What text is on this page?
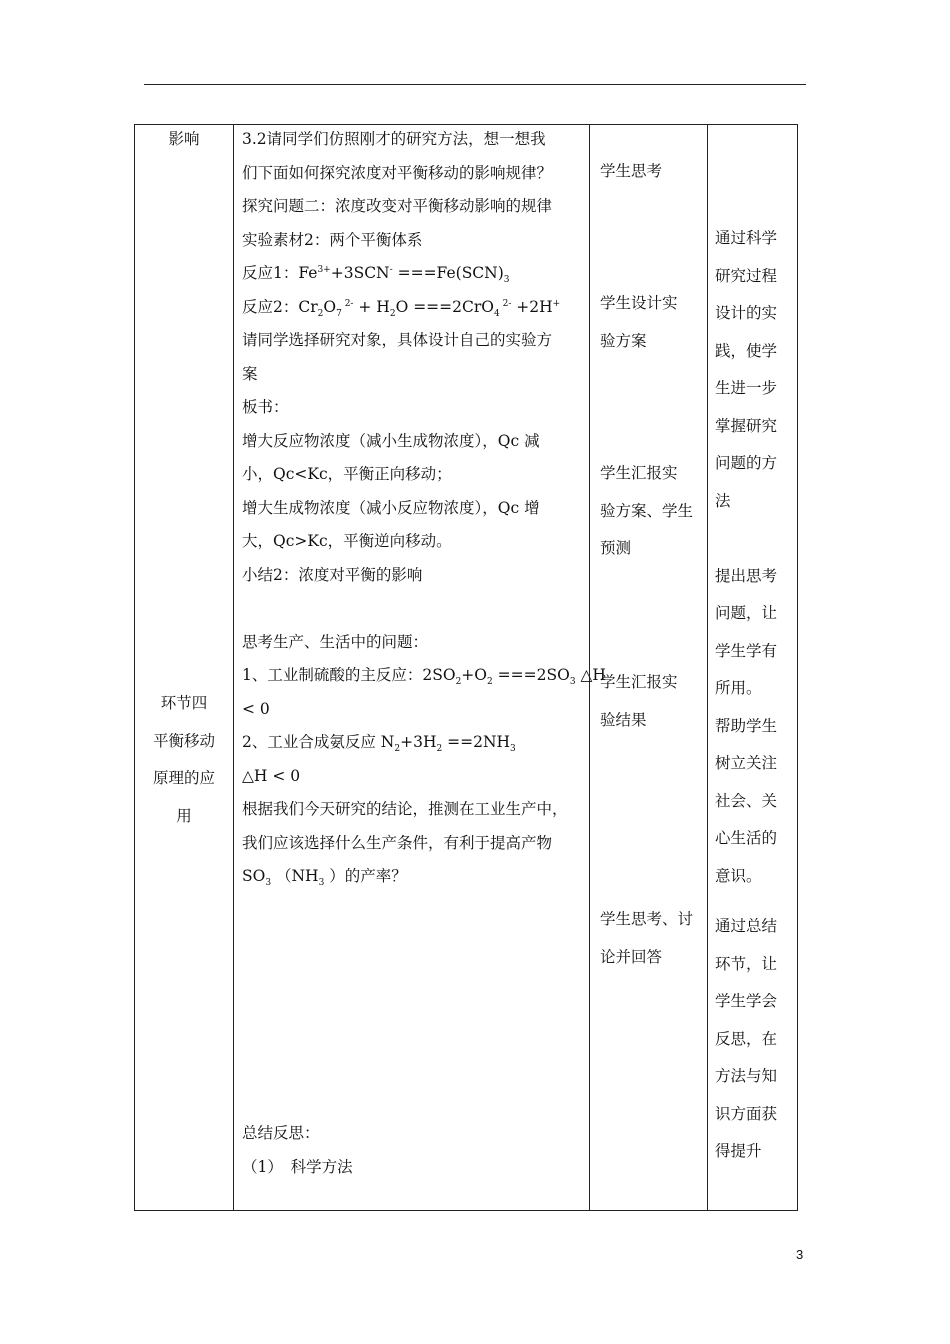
影响
环节四
平衡移动
原理的应
用
3.2请同学们仿照刚才的研究方法，想一想我
们下面如何探究浓度对平衡移动的影响规律？
探究问题二：浓度改变对平衡移动影响的规律
实验素材2：两个平衡体系
反应1：$Fe^{3+}+3SCN^- ===Fe(SCN)_3$
反应2：$Cr_2O_7$ $^{2-} + H_2O ===2CrO_4$ $^{2-}$ +2H+
请同学选择研究对象，具体设计自己的实验方
案
板书：
增大反应物浓度（减小生成物浓度），Qc 减
小，Qc<Kc，平衡正向移动；
增大生成物浓度（减小反应物浓度），Qc 增
大，Qc>Kc，平衡逆向移动。
小结2：浓度对平衡的影响
思考生产、生活中的问题：
1、工业制硫酸的主反应：$2SO_2+O_2 ===2SO_3$ △H
< 0
2、工业合成氨反应 $N_2+3H_2 ==2NH_3$
△H < 0
根据我们今天研究的结论，推测在工业生产中，
我们应该选择什么生产条件，有利于提高产物
$SO_3$ （$NH_3$ ）的产率？
总结反思：
（1）　科学方法
学生思考
学生设计实
验方案
学生汇报实
验方案、学生
预测
学生汇报实
验结果
学生思考、讨
论并回答
通过科学
研究过程
设计的实
践，使学
生进一步
掌握研究
问题的方
法
提出思考
问题，让
学生学有
所用。
帮助学生
树立关注
社会、关
心生活的
意识。
通过总结
环节，让
学生学会
反思，在
方法与知
识方面获
得提升
3
